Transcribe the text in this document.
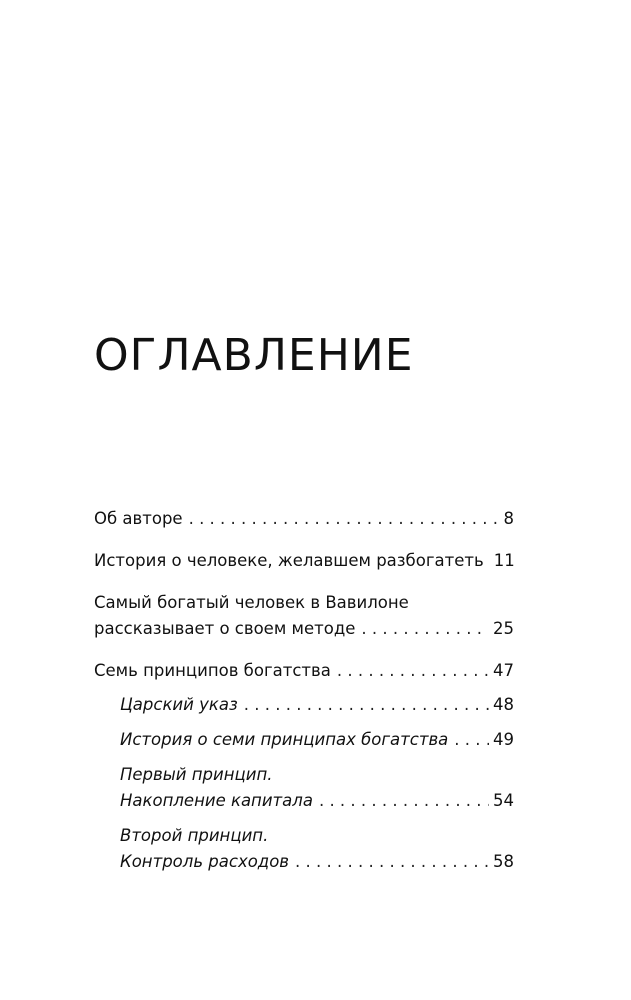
ОГЛАВЛЕНИЕ
Об авторе . . .	8
История о человеке, желавшем разбогатеть 11
Самый богатый человек в Вавилоне
рассказывает о своем методе . . .	25
Семь принципов богатства . . .	47
Царский указ . . .	48
История о семи принципах богатства . . .	49
Первый принцип.
Накопление капитала . . .	54
Второй принцип.
Контроль расходов . . .	58
